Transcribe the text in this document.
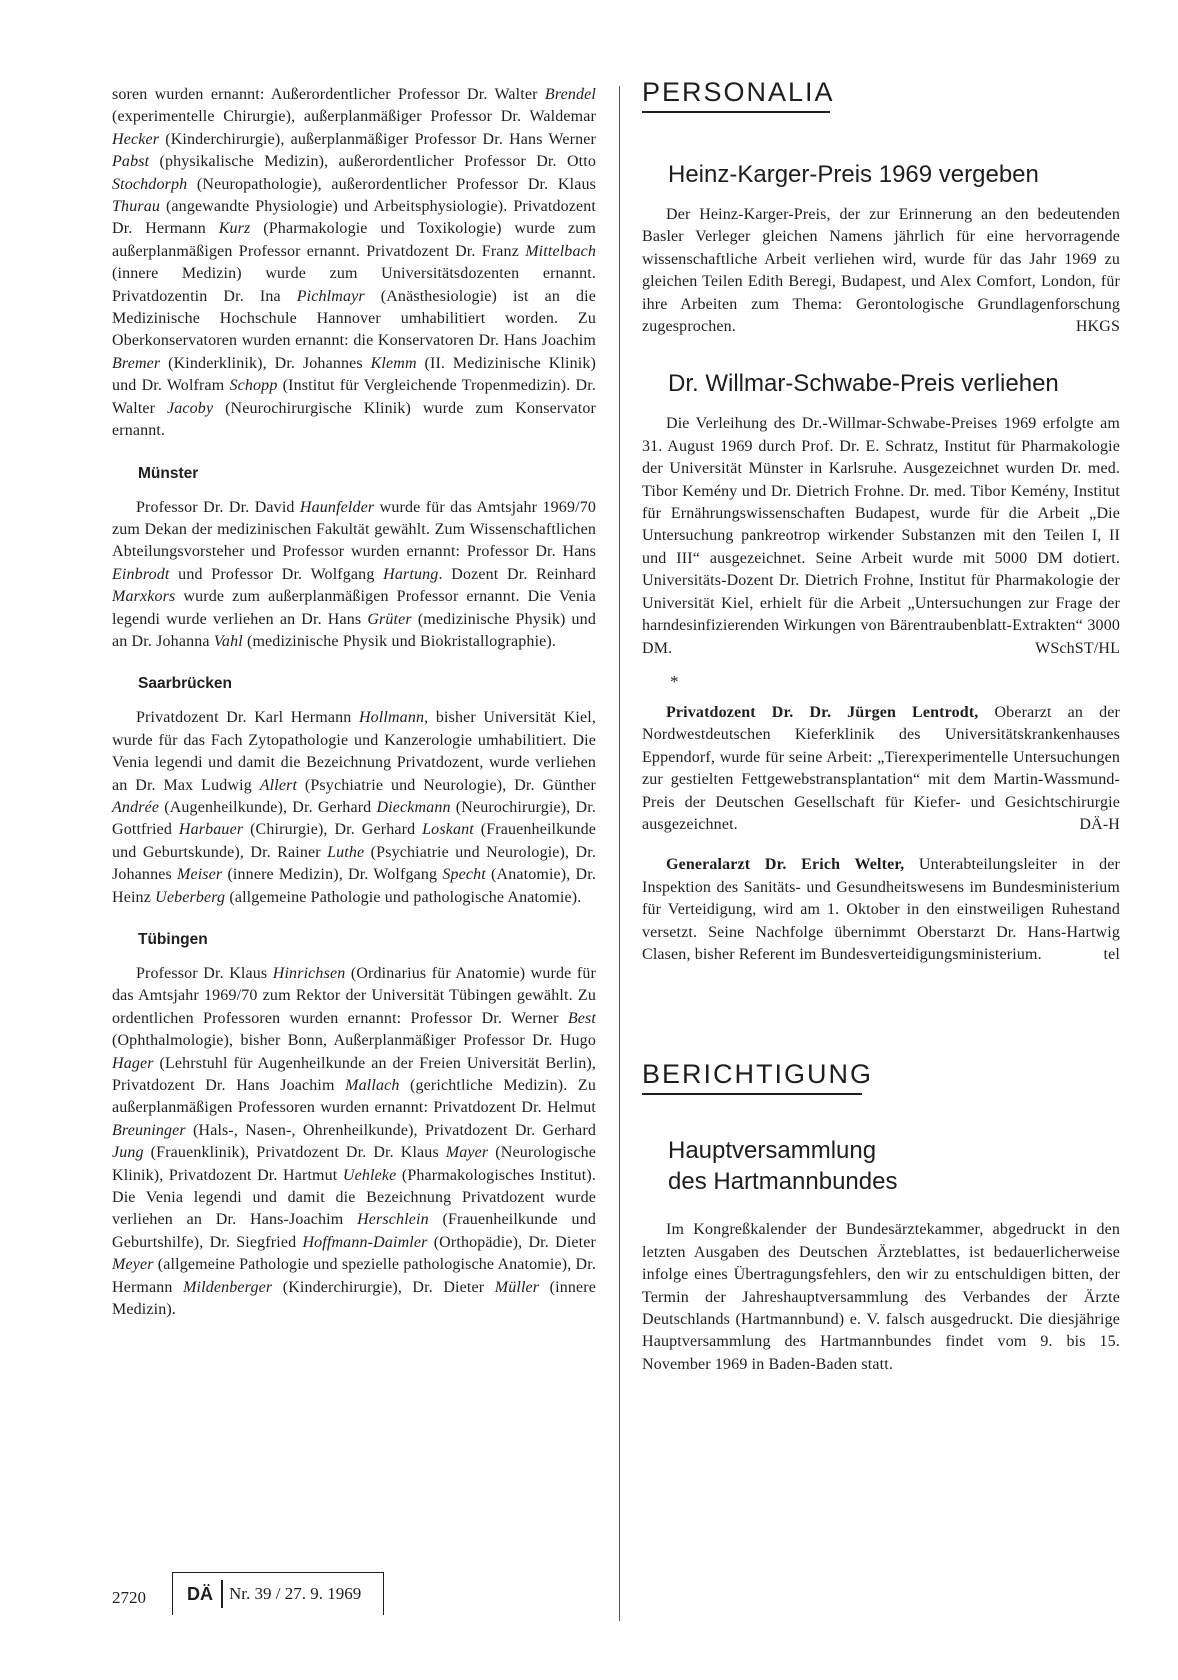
soren wurden ernannt: Außerordentlicher Professor Dr. Walter Brendel (experimentelle Chirurgie), außerplanmäßiger Professor Dr. Waldemar Hecker (Kinderchirurgie), außerplanmäßiger Professor Dr. Hans Werner Pabst (physikalische Medizin), außerordentlicher Professor Dr. Otto Stochdorph (Neuropathologie), außerordentlicher Professor Dr. Klaus Thurau (angewandte Physiologie) und Arbeitsphysiologie). Privatdozent Dr. Hermann Kurz (Pharmakologie und Toxikologie) wurde zum außerplanmäßigen Professor ernannt. Privatdozent Dr. Franz Mittelbach (innere Medizin) wurde zum Universitätsdozenten ernannt. Privatdozentin Dr. Ina Pichlmayr (Anästhesiologie) ist an die Medizinische Hochschule Hannover umhabilitiert worden. Zu Oberkonservatoren wurden ernannt: die Konservatoren Dr. Hans Joachim Bremer (Kinderklinik), Dr. Johannes Klemm (II. Medizinische Klinik) und Dr. Wolfram Schopp (Institut für Vergleichende Tropenmedizin). Dr. Walter Jacoby (Neurochirurgische Klinik) wurde zum Konservator ernannt.

Münster

Professor Dr. Dr. David Haunfelder wurde für das Amtsjahr 1969/70 zum Dekan der medizinischen Fakultät gewählt. Zum Wissenschaftlichen Abteilungsvorsteher und Professor wurden ernannt: Professor Dr. Hans Einbrodt und Professor Dr. Wolfgang Hartung. Dozent Dr. Reinhard Marxkors wurde zum außerplanmäßigen Professor ernannt. Die Venia legendi wurde verliehen an Dr. Hans Grüter (medizinische Physik) und an Dr. Johanna Vahl (medizinische Physik und Biokristallographie).

Saarbrücken

Privatdozent Dr. Karl Hermann Hollmann, bisher Universität Kiel, wurde für das Fach Zytopathologie und Kanzerologie umhabilitiert. Die Venia legendi und damit die Bezeichnung Privatdozent, wurde verliehen an Dr. Max Ludwig Allert (Psychiatrie und Neurologie), Dr. Günther Andrée (Augenheilkunde), Dr. Gerhard Dieckmann (Neurochirurgie), Dr. Gottfried Harbauer (Chirurgie), Dr. Gerhard Loskant (Frauenheilkunde und Geburtskunde), Dr. Rainer Luthe (Psychiatrie und Neurologie), Dr. Johannes Meiser (innere Medizin), Dr. Wolfgang Specht (Anatomie), Dr. Heinz Ueberberg (allgemeine Pathologie und pathologische Anatomie).

Tübingen

Professor Dr. Klaus Hinrichsen (Ordinarius für Anatomie) wurde für das Amtsjahr 1969/70 zum Rektor der Universität Tübingen gewählt. Zu ordentlichen Professoren wurden ernannt: Professor Dr. Werner Best (Ophthalmologie), bisher Bonn, Außerplanmäßiger Professor Dr. Hugo Hager (Lehrstuhl für Augenheilkunde an der Freien Universität Berlin), Privatdozent Dr. Hans Joachim Mallach (gerichtliche Medizin). Zu außerplanmäßigen Professoren wurden ernannt: Privatdozent Dr. Helmut Breuninger (Hals-, Nasen-, Ohrenheilkunde), Privatdozent Dr. Gerhard Jung (Frauenklinik), Privatdozent Dr. Dr. Klaus Mayer (Neurologische Klinik), Privatdozent Dr. Hartmut Uehleke (Pharmakologisches Institut). Die Venia legendi und damit die Bezeichnung Privatdozent wurde verliehen an Dr. Hans-Joachim Herschlein (Frauenheilkunde und Geburtshilfe), Dr. Siegfried Hoffmann-Daimler (Orthopädie), Dr. Dieter Meyer (allgemeine Pathologie und spezielle pathologische Anatomie), Dr. Hermann Mildenberger (Kinderchirurgie), Dr. Dieter Müller (innere Medizin).

PERSONALIA
Heinz-Karger-Preis 1969 vergeben

Der Heinz-Karger-Preis, der zur Erinnerung an den bedeutenden Basler Verleger gleichen Namens jährlich für eine hervorragende wissenschaftliche Arbeit verliehen wird, wurde für das Jahr 1969 zu gleichen Teilen Edith Beregi, Budapest, und Alex Comfort, London, für ihre Arbeiten zum Thema: Gerontologische Grundlagenforschung zugesprochen.	HKGS

Dr. Willmar-Schwabe-Preis verliehen

Die Verleihung des Dr.-Willmar-Schwabe-Preises 1969 erfolgte am 31. August 1969 durch Prof. Dr. E. Schratz, Institut für Pharmakologie der Universität Münster in Karlsruhe. Ausgezeichnet wurden Dr. med. Tibor Kemény und Dr. Dietrich Frohne. Dr. med. Tibor Kemény, Institut für Ernährungswissenschaften Budapest, wurde für die Arbeit „Die Untersuchung pankreotrop wirkender Substanzen mit den Teilen I, II und III“ ausgezeichnet. Seine Arbeit wurde mit 5000 DM dotiert. Universitäts-Dozent Dr. Dietrich Frohne, Institut für Pharmakologie der Universität Kiel, erhielt für die Arbeit „Untersuchungen zur Frage der harndesinfizierenden Wirkungen von Bärentraubenblatt-Extrakten“ 3000 DM.	WSchST/HL

*

Privatdozent Dr. Dr. Jürgen Lentrodt, Oberarzt an der Nordwestdeutschen Kieferklinik des Universitätskrankenhauses Eppendorf, wurde für seine Arbeit: „Tierexperimentelle Untersuchungen zur gestielten Fettgewebstransplantation“ mit dem Martin-Wassmund-Preis der Deutschen Gesellschaft für Kiefer- und Gesichtschirurgie ausgezeichnet.	DÄ-H

Generalarzt Dr. Erich Welter, Unterabteilungsleiter in der Inspektion des Sanitäts- und Gesundheitswesens im Bundesministerium für Verteidigung, wird am 1. Oktober in den einstweiligen Ruhestand versetzt. Seine Nachfolge übernimmt Oberstarzt Dr. Hans-Hartwig Clasen, bisher Referent im Bundesverteidigungsministerium.	tel

BERICHTIGUNG
Hauptversammlung
des Hartmannbundes

Im Kongreßkalender der Bundesärztekammer, abgedruckt in den letzten Ausgaben des Deutschen Ärzteblattes, ist bedauerlicherweise infolge eines Übertragungsfehlers, den wir zu entschuldigen bitten, der Termin der Jahreshauptversammlung des Verbandes der Ärzte Deutschlands (Hartmannbund) e. V. falsch ausgedruckt. Die diesjährige Hauptversammlung des Hartmannbundes findet vom 9. bis 15. November 1969 in Baden-Baden statt.

2720	DÄ Nr. 39 / 27. 9. 1969
